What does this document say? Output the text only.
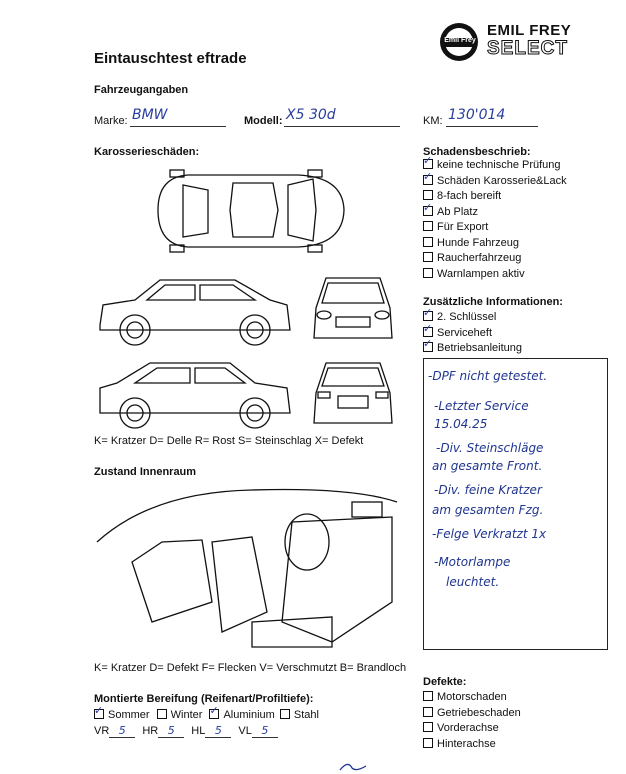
Emil Frey
EMIL FREY
SELECT
Eintauschtest eftrade
Fahrzeugangaben
Marke: BMW	Modell: X5 30d	KM: 130'014
Karosserieschäden:
K= Kratzer D= Delle R= Rost S= Steinschlag X= Defekt
Schadensbeschrieb:
✓keine technische Prüfung
✓Schäden Karosserie&Lack
8-fach bereift
✓Ab Platz
Für Export
Hunde Fahrzeug
Raucherfahrzeug
Warnlampen aktiv
Zusätzliche Informationen:
✓2. Schlüssel
✓Serviceheft
✓Betriebsanleitung
-DPF nicht getestet.
-Letzter Service
15.04.25
-Div. Steinschläge
an gesamte Front.
-Div. feine Kratzer
am gesamten Fzg.
-Felge Verkratzt 1x
-Motorlampe
leuchtet.
Zustand Innenraum
K= Kratzer D= Defekt F= Flecken V= Verschmutzt B= Brandloch
Montierte Bereifung (Reifenart/Profiltiefe):
✓Sommer Winter ✓ Aluminium Stahl
VR 5 HR 5 HL 5 VL 5
Defekte:
Motorschaden
Getriebeschaden
Vorderachse
Hinterachse
